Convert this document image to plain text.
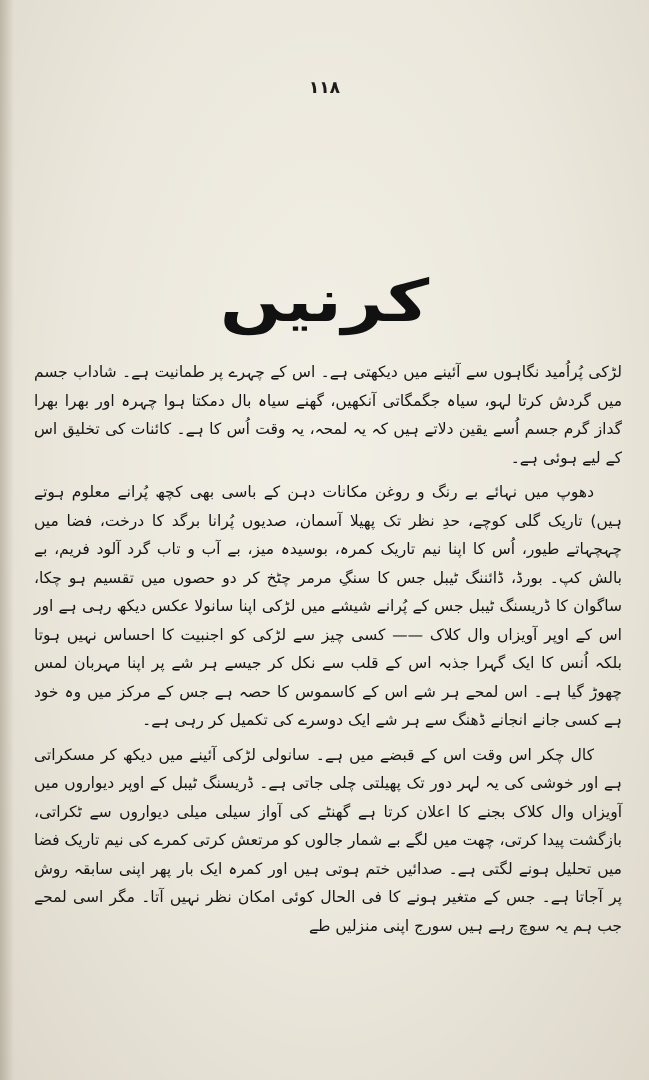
۱۱۸
کرنیں

لڑکی پُراُمید نگاہوں سے آئینے میں دیکھتی ہے۔ اس کے چہرے پر طمانیت ہے۔ شاداب جسم میں گردش کرتا لہو، سیاہ جگمگاتی آنکھیں، گھنے سیاہ بال دمکتا ہوا چہرہ اور بھرا بھرا گداز گرم جسم اُسے یقین دلاتے ہیں کہ یہ لمحہ، یہ وقت اُس کا ہے۔ کائنات کی تخلیق اس کے لیے ہوئی ہے۔

دھوپ میں نہائے بے رنگ و روغن مکانات دہن کے باسی بھی کچھ پُرانے معلوم ہوتے ہیں) تاریک گلی کوچے، حدِ نظر تک پھیلا آسمان، صدیوں پُرانا برگد کا درخت، فضا میں چہچہاتے طیور، اُس کا اپنا نیم تاریک کمرہ، بوسیدہ میز، بے آب و تاب گرد آلود فریم، بے بالش کپ۔ بورڈ، ڈائننگ ٹیبل جس کا سنگِ مرمر چٹخ کر دو حصوں میں تقسیم ہو چکا، ساگوان کا ڈریسنگ ٹیبل جس کے پُرانے شیشے میں لڑکی اپنا سانولا عکس دیکھ رہی ہے اور اس کے اوپر آویزاں وال کلاک —— کسی چیز سے لڑکی کو اجنبیت کا احساس نہیں ہوتا بلکہ اُنس کا ایک گہرا جذبہ اس کے قلب سے نکل کر جیسے ہر شے پر اپنا مہربان لمس چھوڑ گیا ہے۔ اس لمحے ہر شے اس کے کاسموس کا حصہ ہے جس کے مرکز میں وہ خود ہے کسی جانے انجانے ڈھنگ سے ہر شے ایک دوسرے کی تکمیل کر رہی ہے۔

کال چکر اس وقت اس کے قبضے میں ہے۔ سانولی لڑکی آئینے میں دیکھ کر مسکراتی ہے اور خوشی کی یہ لہر دور تک پھیلتی چلی جاتی ہے۔ ڈریسنگ ٹیبل کے اوپر دیواروں میں آویزاں وال کلاک بجنے کا اعلان کرتا ہے گھنٹے کی آواز سیلی میلی دیواروں سے ٹکراتی، بازگشت پیدا کرتی، چھت میں لگے بے شمار جالوں کو مرتعش کرتی کمرے کی نیم تاریک فضا میں تحلیل ہونے لگتی ہے۔ صدائیں ختم ہوتی ہیں اور کمرہ ایک بار پھر اپنی سابقہ روش پر آجاتا ہے۔ جس کے متغیر ہونے کا فی الحال کوئی امکان نظر نہیں آتا۔ مگر اسی لمحے جب ہم یہ سوچ رہے ہیں سورج اپنی منزلیں طے
